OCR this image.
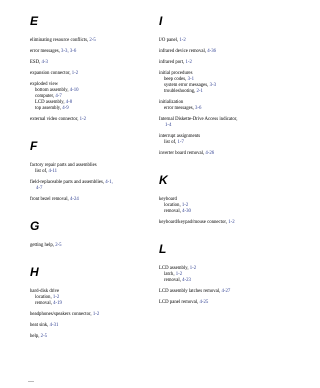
E
eliminating resource conflicts, 2-5
error messages, 3-3, 3-6
ESD, 4-3
expansion connector, 1-2
exploded view
bottom assembly, 4-10
computer, 4-7
LCD assembly, 4-8
top assembly, 4-9
external video connector, 1-2
F
factory repair parts and assemblies
list of, 4-11
field-replaceable parts and assemblies, 4-1,
4-7
front bezel removal, 4-24
G
getting help, 2-5
H
hard-disk drive
location, 1-2
removal, 4-19
headphones/speakers connector, 1-2
heat sink, 4-31
help, 2-5
I
I/O panel, 1-2
infrared device removal, 4-36
infrared port, 1-2
initial procedures
beep codes, 3-1
system error messages, 3-3
troubleshooting, 2-1
initialization
error messages, 3-6
Internal Diskette-Drive Access indicator,
1-4
interrupt assignments
list of, 1-7
inverter board removal, 4-26
K
keyboard
location, 1-2
removal, 4-30
keyboard/keypad/mouse connector, 1-2
L
LCD assembly, 1-2
latch, 1-2
removal, 4-23
LCD assembly latches removal, 4-27
LCD panel removal, 4-25
